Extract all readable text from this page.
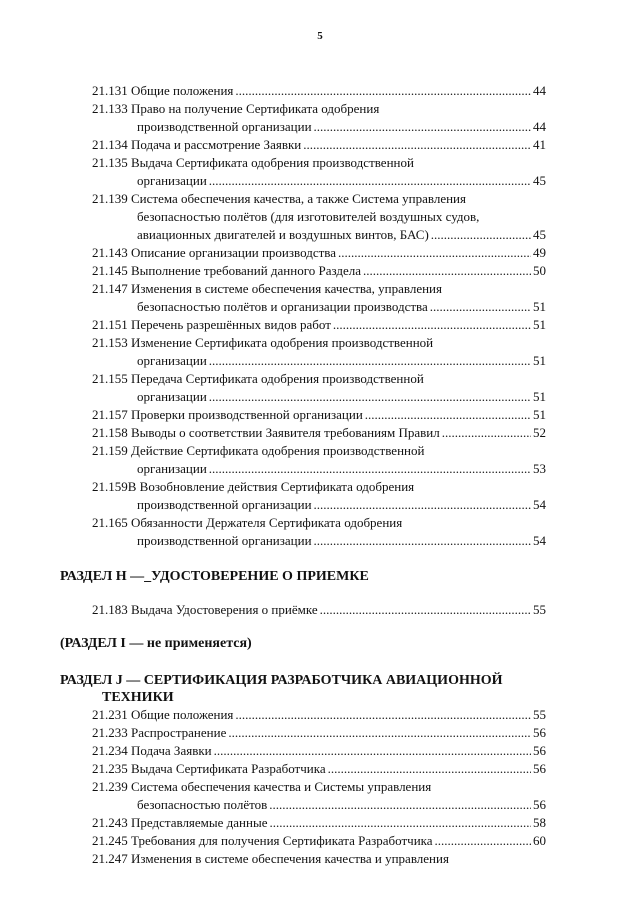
5
21.131 Общие положения .....	44
21.133 Право на получение Сертификата одобрения
производственной организации .....	44
21.134 Подача и рассмотрение Заявки .....	41
21.135 Выдача Сертификата одобрения производственной
организации .....	45
21.139 Система обеспечения качества, а также Система управления
безопасностью полётов (для изготовителей воздушных судов,
авиационных двигателей и воздушных винтов, БАС) .....	45
21.143 Описание организации производства .....	49
21.145 Выполнение требований данного Раздела .....	50
21.147 Изменения в системе обеспечения качества, управления
безопасностью полётов и организации производства .....	51
21.151 Перечень разрешённых видов работ .....	51
21.153 Изменение Сертификата одобрения производственной
организации .....	51
21.155 Передача Сертификата одобрения производственной
организации .....	51
21.157 Проверки производственной организации .....	51
21.158 Выводы о соответствии Заявителя требованиям Правил .....	52
21.159 Действие Сертификата одобрения производственной
организации .....	53
21.159В Возобновление действия Сертификата одобрения
производственной организации .....	54
21.165 Обязанности Держателя Сертификата одобрения
производственной организации .....	54
РАЗДЕЛ H —_УДОСТОВЕРЕНИЕ О ПРИЕМКЕ
21.183 Выдача Удостоверения о приёмке .....	55
(РАЗДЕЛ I — не применяется)
РАЗДЕЛ J — СЕРТИФИКАЦИЯ РАЗРАБОТЧИКА АВИАЦИОННОЙ
ТЕХНИКИ
21.231 Общие положения .....	55
21.233 Распространение .....	56
21.234 Подача Заявки .....	56
21.235 Выдача Сертификата Разработчика .....	56
21.239 Система обеспечения качества и Системы управления
безопасностью полётов .....	56
21.243 Представляемые данные .....	58
21.245 Требования для получения Сертификата Разработчика .....	60
21.247 Изменения в системе обеспечения качества и управления
